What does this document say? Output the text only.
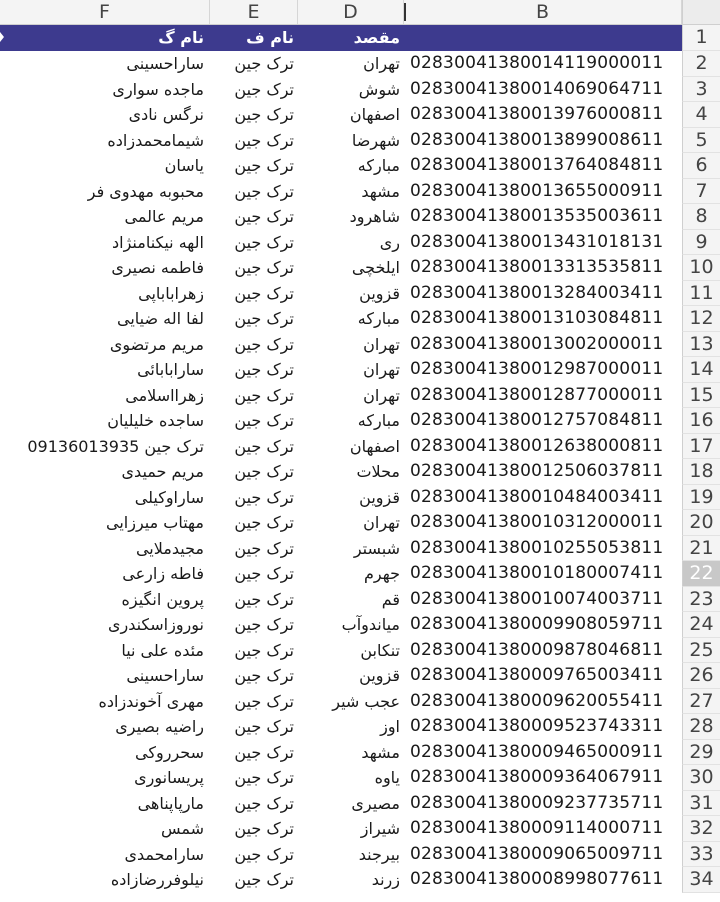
F	E	D	B
نام گ	نام ف	مقصد	1
ساراحسینی	ترک جین	تهران 02830041380014119000011	2
ماجده سواری	ترک جین	شوش 02830041380014069064711	3
نرگس نادی	ترک جین	اصفهان 02830041380013976000811	4
شیمامحمدزاده	ترک جین	شهرضا 02830041380013899008611	5
یاسان	ترک جین	مبارکه 02830041380013764084811	6
محبوبه مهدوی فر	ترک جین	مشهد 02830041380013655000911	7
مریم عالمی	ترک جین	شاهرود 02830041380013535003611	8
الهه نیکنامنژاد	ترک جین	ری 02830041380013431018131	9
فاطمه نصیری	ترک جین	ایلخچی 02830041380013313535811	10
زهراباباپی	ترک جین	قزوین 02830041380013284003411	11
لفا اله ضیایی	ترک جین	مبارکه 02830041380013103084811	12
مریم مرتضوی	ترک جین	تهران 02830041380013002000011	13
سارابابائی	ترک جین	تهران 02830041380012987000011	14
زهرااسلامی	ترک جین	تهران 02830041380012877000011	15
ساجده خلیلیان	ترک جین	مبارکه 02830041380012757084811	16
ترک جین 09136013935	ترک جین	اصفهان 02830041380012638000811	17
مریم حمیدی	ترک جین	محلات 02830041380012506037811	18
ساراوکیلی	ترک جین	قزوین 02830041380010484003411	19
مهتاب میرزایی	ترک جین	تهران 02830041380010312000011	20
مجیدملایی	ترک جین	شبستر 02830041380010255053811	21
فاطه زارعی	ترک جین	جهرم 02830041380010180007411	22
پروین انگیزه	ترک جین	قم 02830041380010074003711	23
نوروزاسکندری	ترک جین	میاندوآب 02830041380009908059711	24
مئده علی نیا	ترک جین	تنکابن 02830041380009878046811	25
ساراحسینی	ترک جین	قزوین 02830041380009765003411	26
مهری آخوندزاده	ترک جین	عجب شیر 02830041380009620055411	27
راضیه بصیری	ترک جین	اوز 02830041380009523743311	28
سحرروکی	ترک جین	مشهد 02830041380009465000911	29
پریسانوری	ترک جین	یاوه 02830041380009364067911	30
مارپاپناهی	ترک جین	مصیری 02830041380009237735711	31
شمس	ترک جین	شیراز 02830041380009114000711	32
سارامحمدی	ترک جین	بیرجند 02830041380009065009711	33
نیلوفررضازاده	ترک جین	زرند 02830041380008998077611	34
